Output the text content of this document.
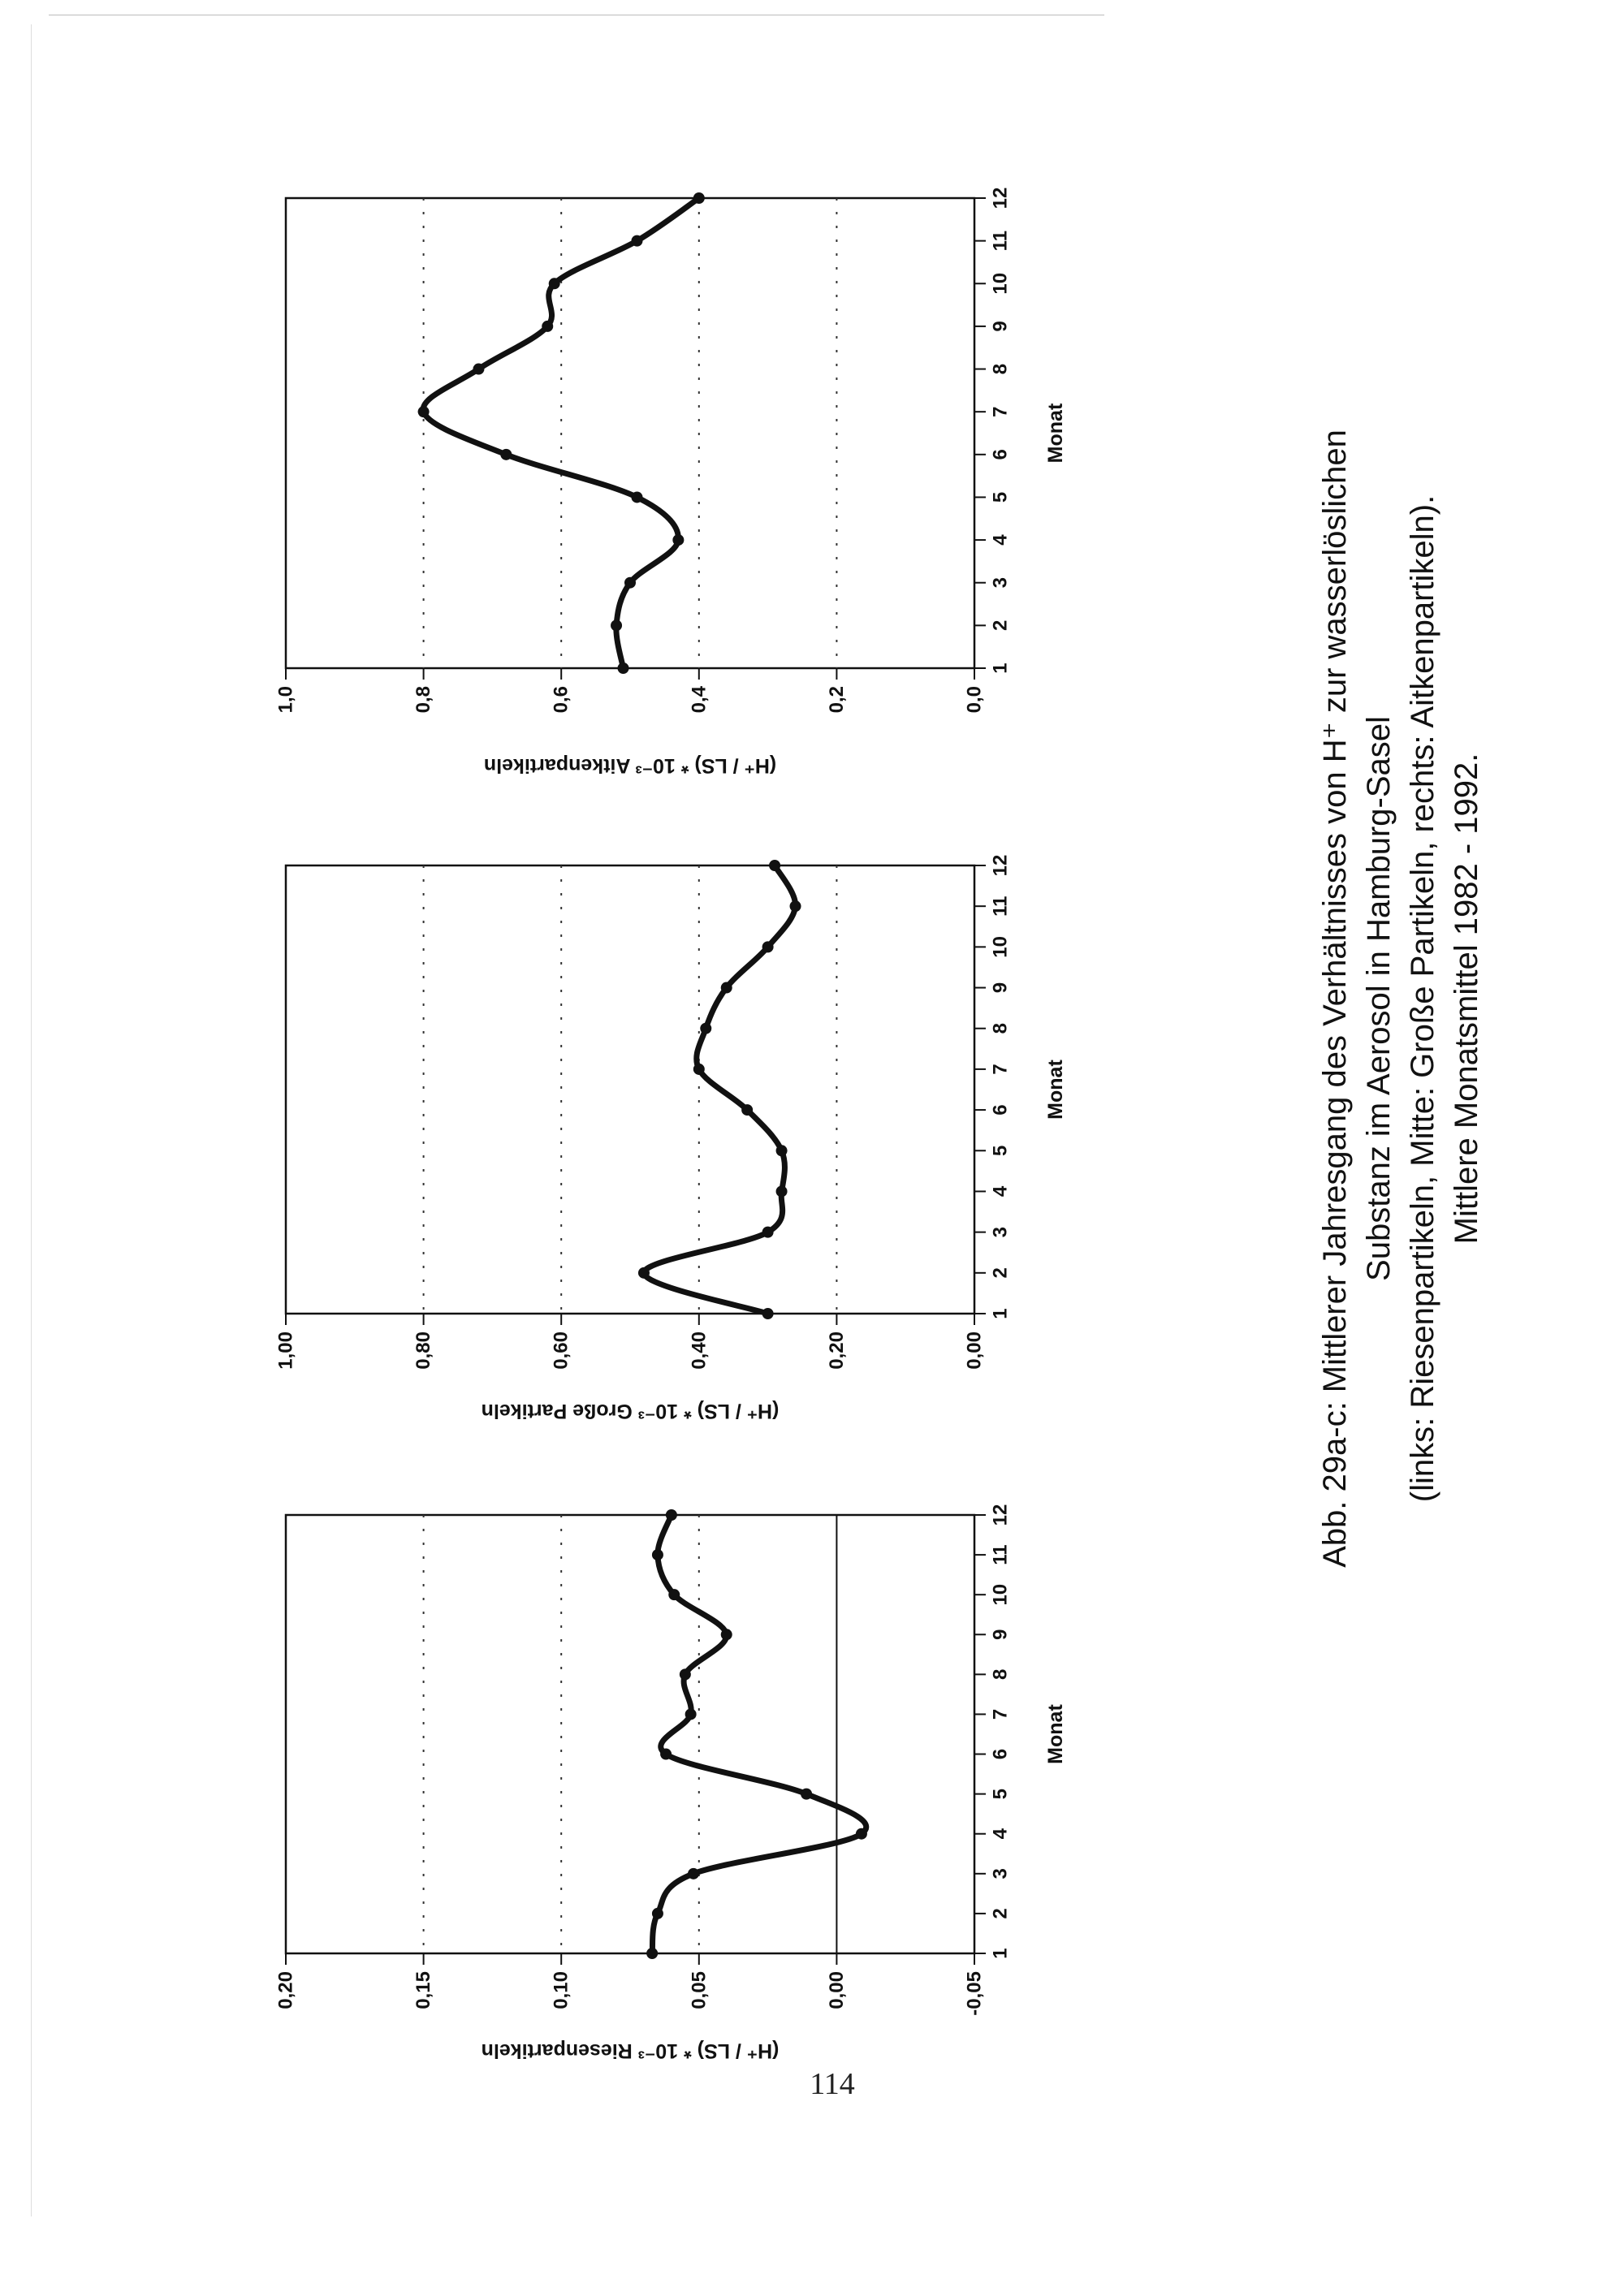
-0,05
0,00
0,05
0,10
0,15
0,20
(H⁺ / LS) * 10⁻³ Riesenpartikeln
1
2
3
4
5
6
7
8
9
10
11
12
Monat
0,00
0,20
0,40
0,60
0,80
1,00
(H⁺ / LS) * 10⁻³ Große Partikeln
1
2
3
4
5
6
7
8
9
10
11
12
Monat
0,0
0,2
0,4
0,6
0,8
1,0
(H⁺ / LS) * 10⁻³ Aitkenpartikeln
1
2
3
4
5
6
7
8
9
10
11
12
Monat	Abb. 29a-c: Mittlerer Jahresgang des Verhältnisses von H⁺ zur wasserlöslichen Substanz im Aerosol in Hamburg-Sasel (links: Riesenpartikeln, Mitte: Große Partikeln, rechts: Aitkenpartikeln). Mittlere Monatsmittel 1982 - 1992.
114
